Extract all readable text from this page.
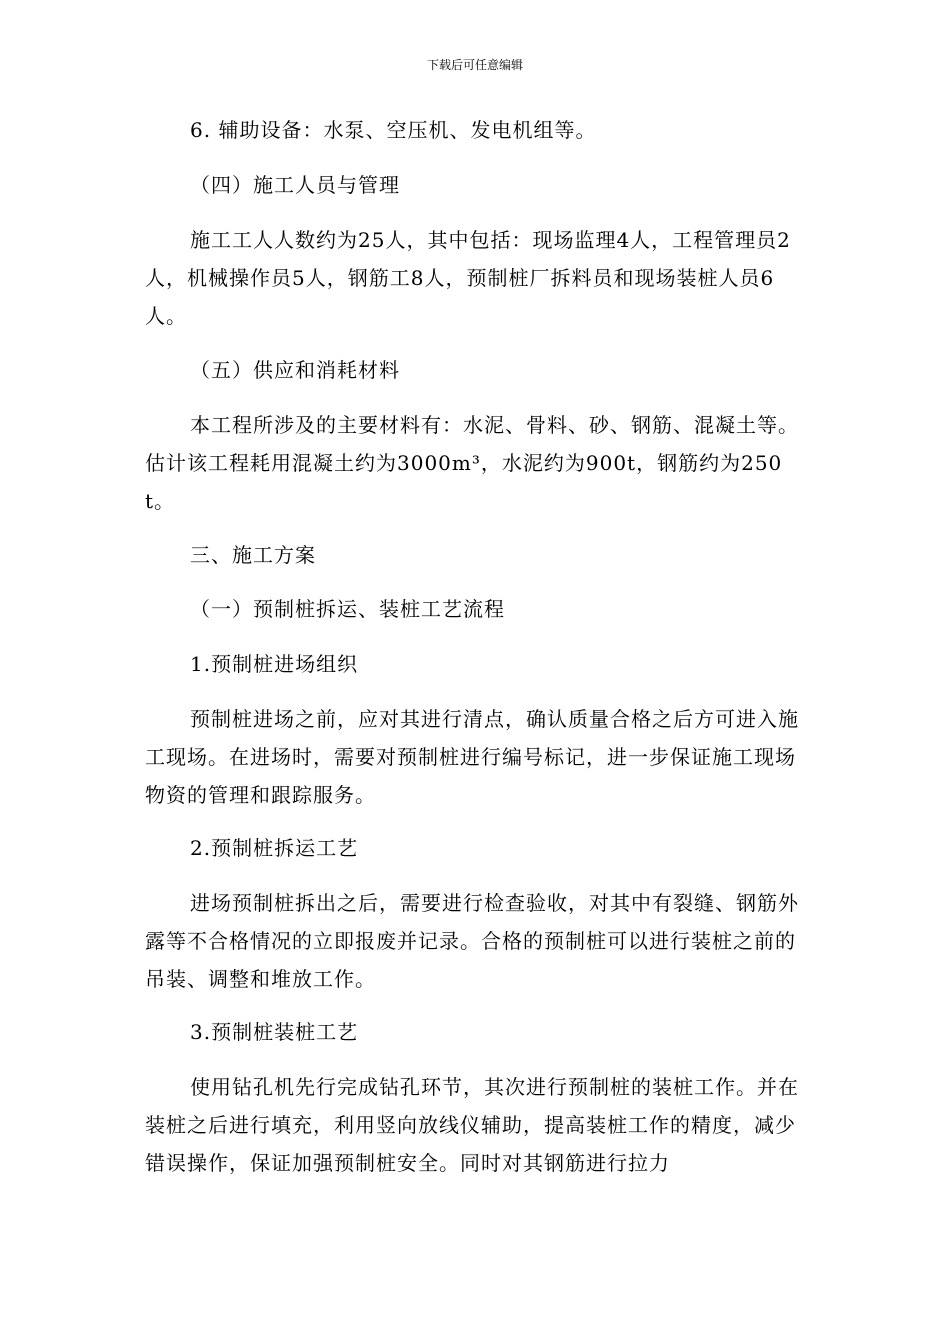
下载后可任意编辑
6. 辅助设备：水泵、空压机、发电机组等。
（四）施工人员与管理
施工工人人数约为25人，其中包括：现场监理4人，工程管理员2人，机械操作员5人，钢筋工8人，预制桩厂拆料员和现场装桩人员6人。
（五）供应和消耗材料
本工程所涉及的主要材料有：水泥、骨料、砂、钢筋、混凝土等。估计该工程耗用混凝土约为3000m³，水泥约为900t，钢筋约为250t。
三、施工方案
（一）预制桩拆运、装桩工艺流程
1.预制桩进场组织
预制桩进场之前，应对其进行清点，确认质量合格之后方可进入施工现场。在进场时，需要对预制桩进行编号标记，进一步保证施工现场物资的管理和跟踪服务。
2.预制桩拆运工艺
进场预制桩拆出之后，需要进行检查验收，对其中有裂缝、钢筋外露等不合格情况的立即报废并记录。合格的预制桩可以进行装桩之前的吊装、调整和堆放工作。
3.预制桩装桩工艺
使用钻孔机先行完成钻孔环节，其次进行预制桩的装桩工作。并在装桩之后进行填充，利用竖向放线仪辅助，提高装桩工作的精度，减少错误操作，保证加强预制桩安全。同时对其钢筋进行拉力
